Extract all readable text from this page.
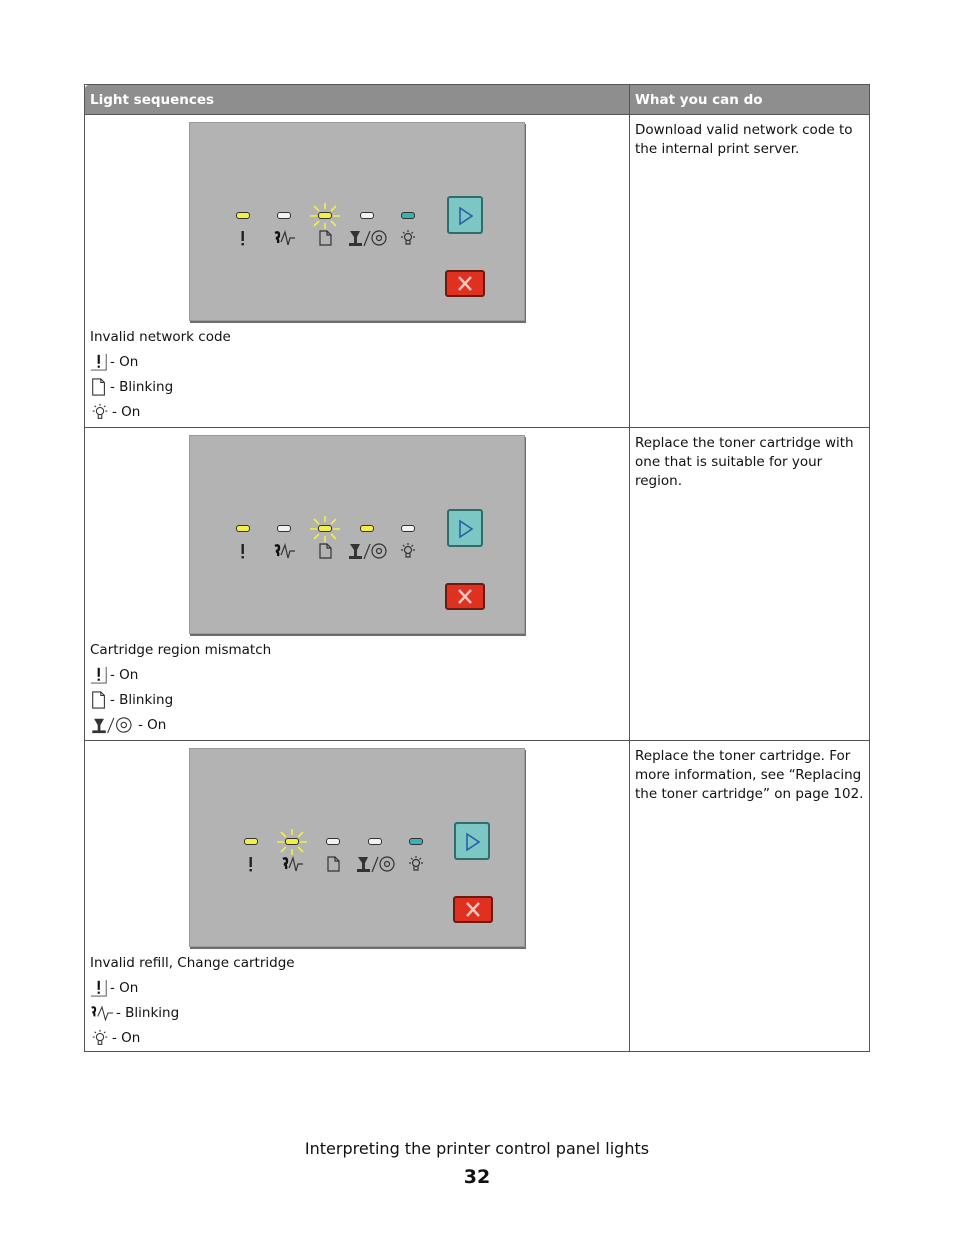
Light sequences	What you can do

Invalid network code
- On
- Blinking
- On	Download valid network code to the internal print server.

Cartridge region mismatch
- On
- Blinking
- On	Replace the toner cartridge with one that is suitable for your region.

Invalid refill, Change cartridge
- On
- Blinking
- On	Replace the toner cartridge. For more information, see “Replacing the toner cartridge” on page 102.
Interpreting the printer control panel lights
32
